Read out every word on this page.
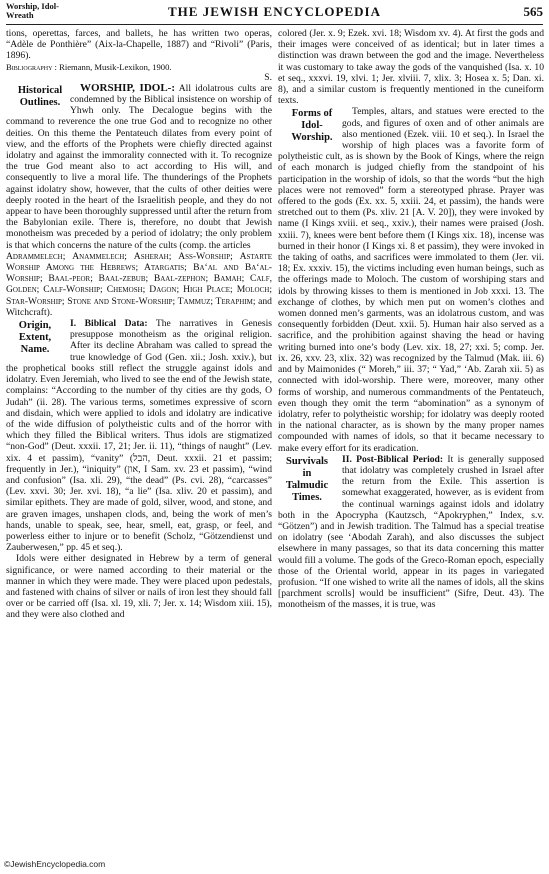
Worship, Idol-
Wreath	THE JEWISH ENCYCLOPEDIA	565

tions, operettas, farces, and ballets, he has written two operas, “Adèle de Ponthière” (Aix-la-Chapelle, 1887) and “Rivoli” (Paris, 1896).

Bibliography : Riemann, Musik-Lexikon, 1900.

S.

WORSHIP, IDOL-:
Historical
Outlines.
All idolatrous cults are condemned by the Biblical insistence on worship of Yhwh only. The Decalogue begins with the command to reverence the one true God and to recognize no other deities. On this theme the Pentateuch dilates from every point of view, and the efforts of the Prophets were chiefly directed against idolatry and against the immorality connected with it. To recognize the true God meant also to act according to His will, and consequently to live a moral life. The thunderings of the Prophets against idolatry show, however, that the cults of other deities were deeply rooted in the heart of the Israelitish people, and they do not appear to have been thoroughly suppressed until after the return from the Babylonian exile. There is, therefore, no doubt that Jewish monotheism was preceded by a period of idolatry; the only problem is that which concerns the nature of the cults (comp. the articles

Adrammelech; Anammelech; Asherah; Ass-Worship; Astarte Worship Among the Hebrews; Atargatis; Ba‘al and Ba‘al-Worship; Baal-peor; Baal-zebub; Baal-zephon; Bamah; Calf, Golden; Calf-Worship; Chemosh; Dagon; High Place; Moloch; Star-Worship; Stone and Stone-Worship; Tammuz; Teraphim; and Witchcraft).

I. Biblical Data:
Origin,
Extent,
Name.
The narratives in Genesis presuppose monotheism as the original religion. After its decline Abraham was called to spread the true knowledge of God (Gen. xii.; Josh. xxiv.), but the prophetical books still reflect the struggle against idols and idolatry. Even Jeremiah, who lived to see the end of the Jewish state, complains: “According to the number of thy cities are thy gods, O Judah” (ii. 28). The various terms, sometimes expressive of scorn and disdain, which were applied to idols and idolatry are indicative of the wide diffusion of polytheistic cults and of the horror with which they filled the Biblical writers. Thus idols are stigmatized “non-God” (Deut. xxxii. 17, 21; Jer. ii. 11), “things of naught” (Lev. xix. 4 et passim), “vanity” (הבל, Deut. xxxii. 21 et passim; frequently in Jer.), “iniquity” (און, I Sam. xv. 23 et passim), “wind and confusion” (Isa. xli. 29), “the dead” (Ps. cvi. 28), “carcasses” (Lev. xxvi. 30; Jer. xvi. 18), “a lie” (Isa. xliv. 20 et passim), and similar epithets. They are made of gold, silver, wood, and stone, and are graven images, unshapen clods, and, being the work of men’s hands, unable to speak, see, hear, smell, eat, grasp, or feel, and powerless either to injure or to benefit (Scholz, “Götzendienst und Zauberwesen,” pp. 45 et seq.).

Idols were either designated in Hebrew by a term of general significance, or were named according to their material or the manner in which they were made. They were placed upon pedestals, and fastened with chains of silver or nails of iron lest they should fall over or be carried off (Isa. xl. 19, xli. 7; Jer. x. 14; Wisdom xiii. 15), and they were also clothed and

colored (Jer. x. 9; Ezek. xvi. 18; Wisdom xv. 4). At first the gods and their images were conceived of as identical; but in later times a distinction was drawn between the god and the image. Nevertheless it was customary to take away the gods of the vanquished (Isa. x. 10 et seq., xxxvi. 19, xlvi. 1; Jer. xlviii. 7, xlix. 3; Hosea x. 5; Dan. xi. 8), and a similar custom is frequently mentioned in the cuneiform texts.

Forms of
Idol-
Worship.
Temples, altars, and statues were erected to the gods, and figures of oxen and of other animals are also mentioned (Ezek. viii. 10 et seq.). In Israel the worship of high places was a favorite form of polytheistic cult, as is shown by the Book of Kings, where the reign of each monarch is judged chiefly from the standpoint of his participation in the worship of idols, so that the words “but the high places were not removed” form a stereotyped phrase. Prayer was offered to the gods (Ex. xx. 5, xxiii. 24, et passim), the hands were stretched out to them (Ps. xliv. 21 [A. V. 20]), they were invoked by name (I Kings xviii. et seq., xxiv.), their names were praised (Josh. xxiii. 7), knees were bent before them (I Kings xix. 18), incense was burned in their honor (I Kings xi. 8 et passim), they were invoked in the taking of oaths, and sacrifices were immolated to them (Jer. vii. 18; Ex. xxxiv. 15), the victims including even human beings, such as the offerings made to Moloch. The custom of worshiping stars and idols by throwing kisses to them is mentioned in Job xxxi. 13. The exchange of clothes, by which men put on women’s clothes and women donned men’s garments, was an idolatrous custom, and was consequently forbidden (Deut. xxii. 5). Human hair also served as a sacrifice, and the prohibition against shaving the head or having writing burned into one’s body (Lev. xix. 18, 27; xxi. 5; comp. Jer. ix. 26, xxv. 23, xlix. 32) was recognized by the Talmud (Mak. iii. 6) and by Maimonides (“ Moreh,” iii. 37; “ Yad,” ‘Ab. Zarah xii. 5) as connected with idol-worship. There were, moreover, many other forms of worship, and numerous commandments of the Pentateuch, even though they omit the term “abomination” as a synonym of idolatry, refer to polytheistic worship; for idolatry was deeply rooted in the national character, as is shown by the many proper names compounded with names of idols, so that it became necessary to make every effort for its eradication.

II. Post-Biblical Period:
Survivals
in
Talmudic
Times.
It is generally supposed that idolatry was completely crushed in Israel after the return from the Exile. This assertion is somewhat exaggerated, however, as is evident from the continual warnings against idols and idolatry both in the Apocrypha (Kautzsch, “Apokryphen,” Index, s.v. “Götzen”) and in Jewish tradition. The Talmud has a special treatise on idolatry (see ‘Abodah Zarah), and also discusses the subject elsewhere in many passages, so that its data concerning this matter would fill a volume. The gods of the Greco-Roman epoch, especially those of the Oriental world, appear in its pages in variegated profusion. “If one wished to write all the names of idols, all the skins [parchment scrolls] would be insufficient” (Sifre, Deut. 43). The monotheism of the masses, it is true, was

©JewishEncyclopedia.com
